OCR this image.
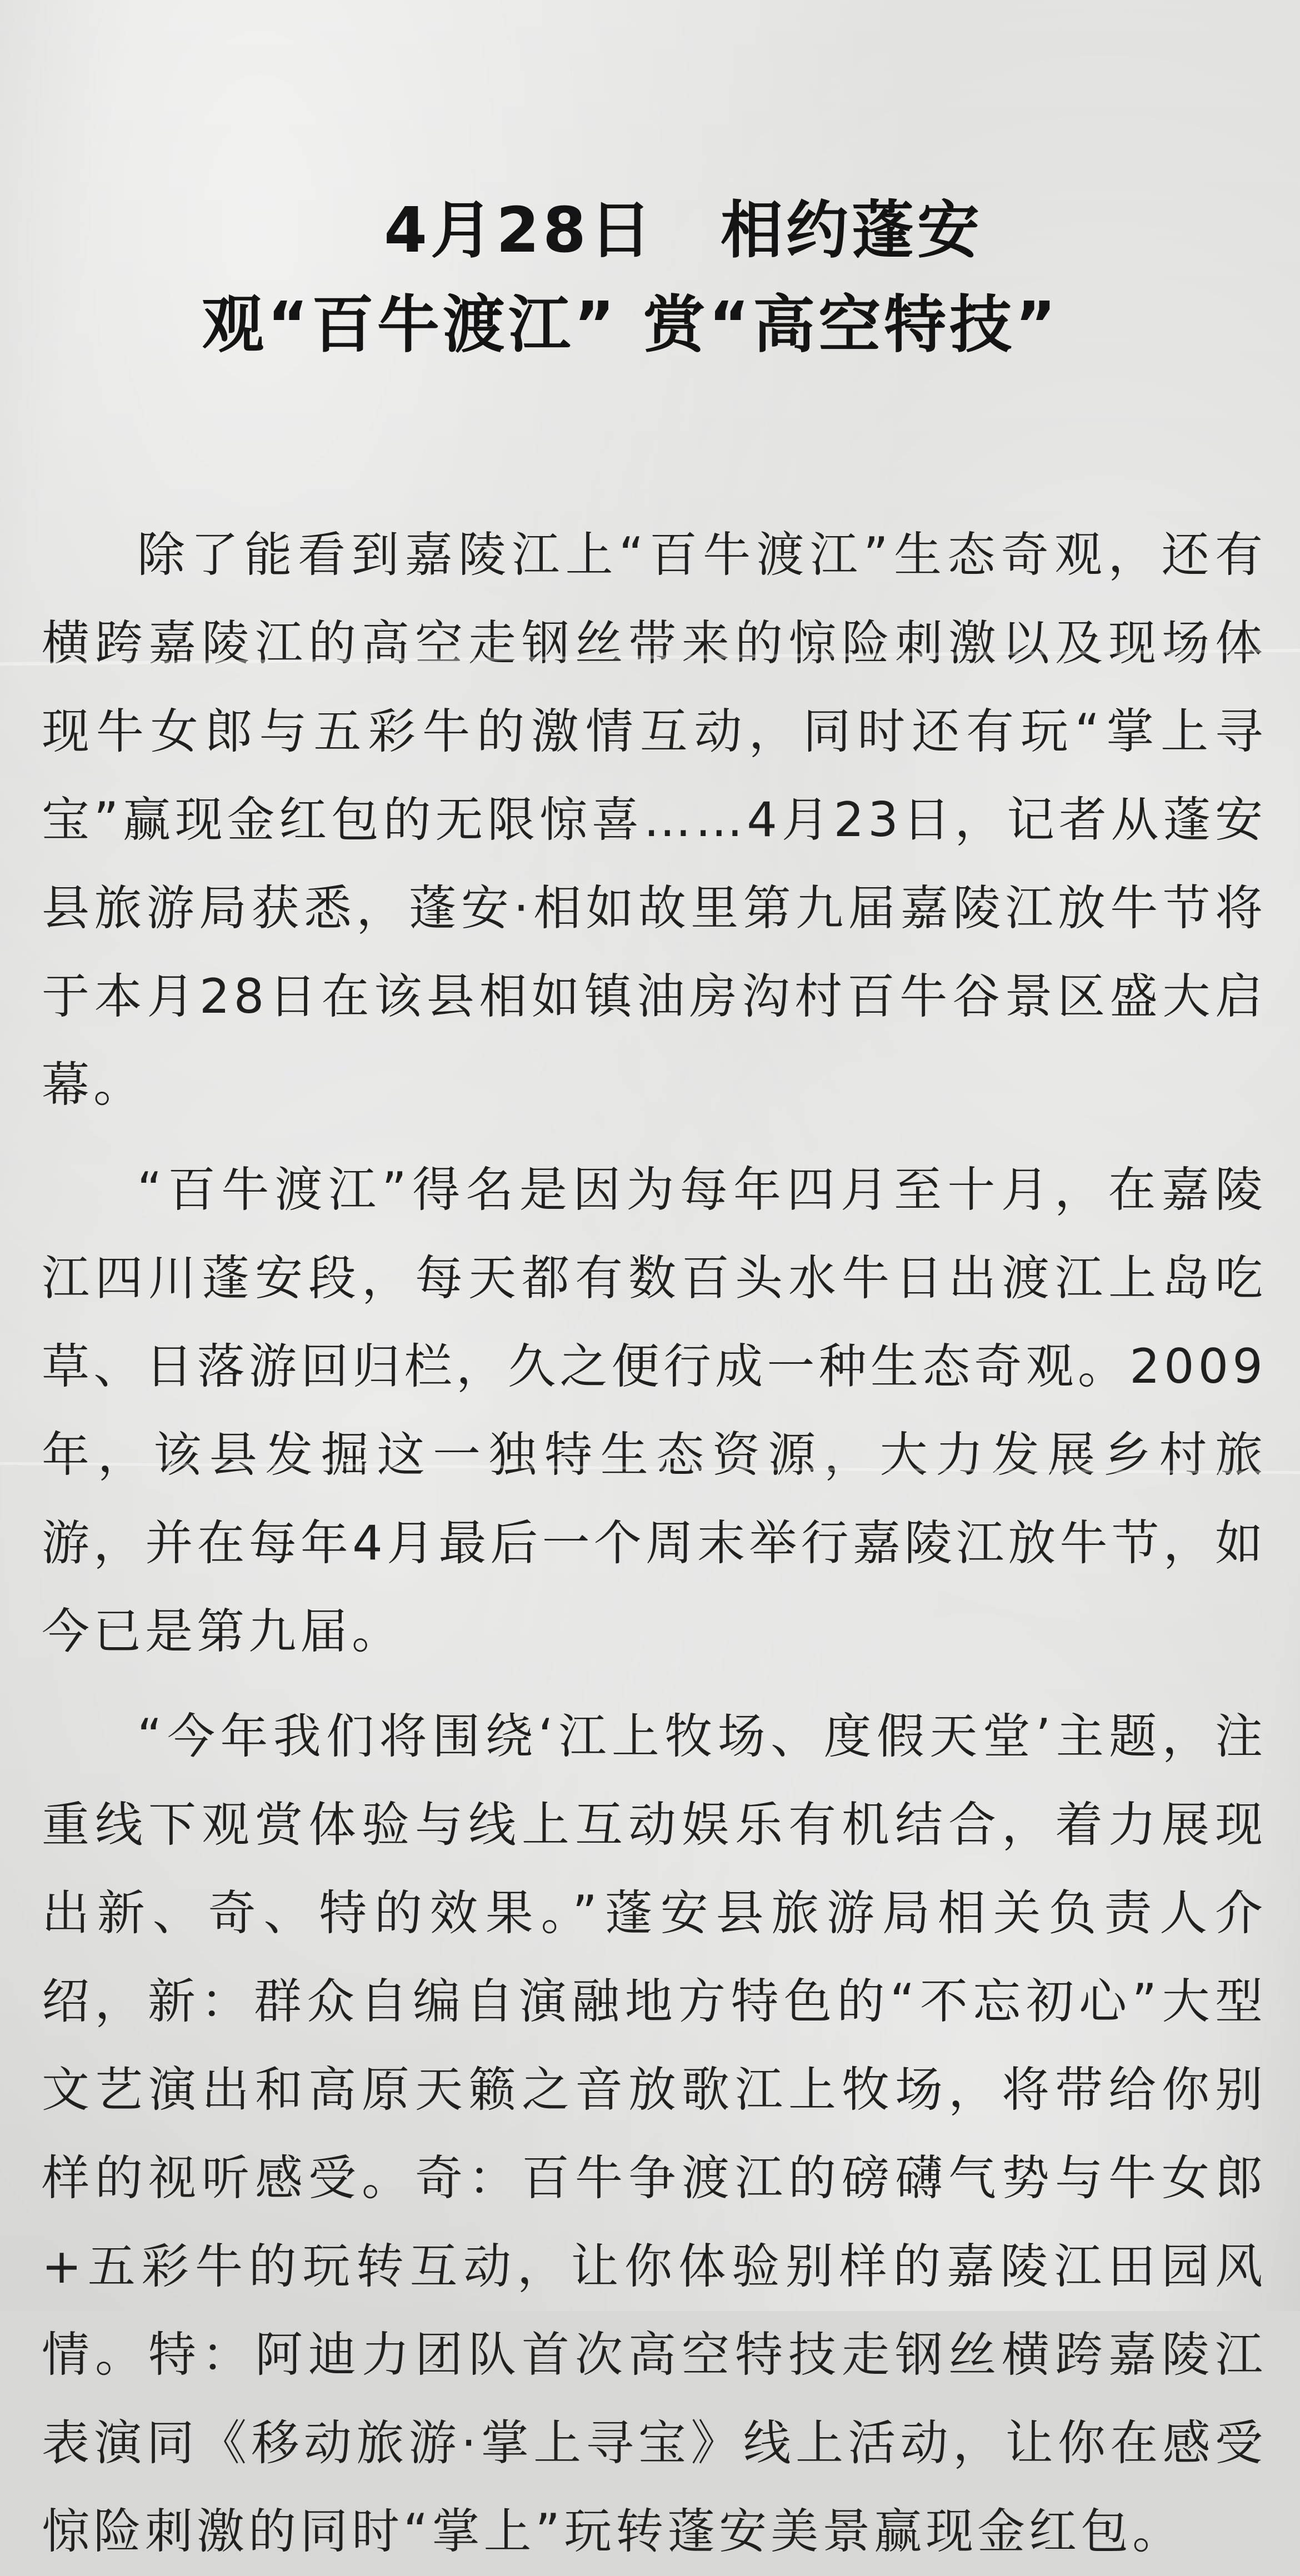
4月28日　相约蓬安
观“百牛渡江” 赏“高空特技”

除了能看到嘉陵江上“百牛渡江”生态奇观，还有横跨嘉陵江的高空走钢丝带来的惊险刺激以及现场体现牛女郎与五彩牛的激情互动，同时还有玩“掌上寻宝”赢现金红包的无限惊喜……4月23日，记者从蓬安县旅游局获悉，蓬安·相如故里第九届嘉陵江放牛节将于本月28日在该县相如镇油房沟村百牛谷景区盛大启幕。

“百牛渡江”得名是因为每年四月至十月，在嘉陵江四川蓬安段，每天都有数百头水牛日出渡江上岛吃草、日落游回归栏，久之便行成一种生态奇观。2009年，该县发掘这一独特生态资源，大力发展乡村旅游，并在每年4月最后一个周末举行嘉陵江放牛节，如今已是第九届。

“今年我们将围绕‘江上牧场、度假天堂’主题，注重线下观赏体验与线上互动娱乐有机结合，着力展现出新、奇、特的效果。”蓬安县旅游局相关负责人介绍，新：群众自编自演融地方特色的“不忘初心”大型文艺演出和高原天籁之音放歌江上牧场，将带给你别样的视听感受。奇：百牛争渡江的磅礴气势与牛女郎+五彩牛的玩转互动，让你体验别样的嘉陵江田园风情。特：阿迪力团队首次高空特技走钢丝横跨嘉陵江表演同《移动旅游·掌上寻宝》线上活动，让你在感受惊险刺激的同时“掌上”玩转蓬安美景赢现金红包。
